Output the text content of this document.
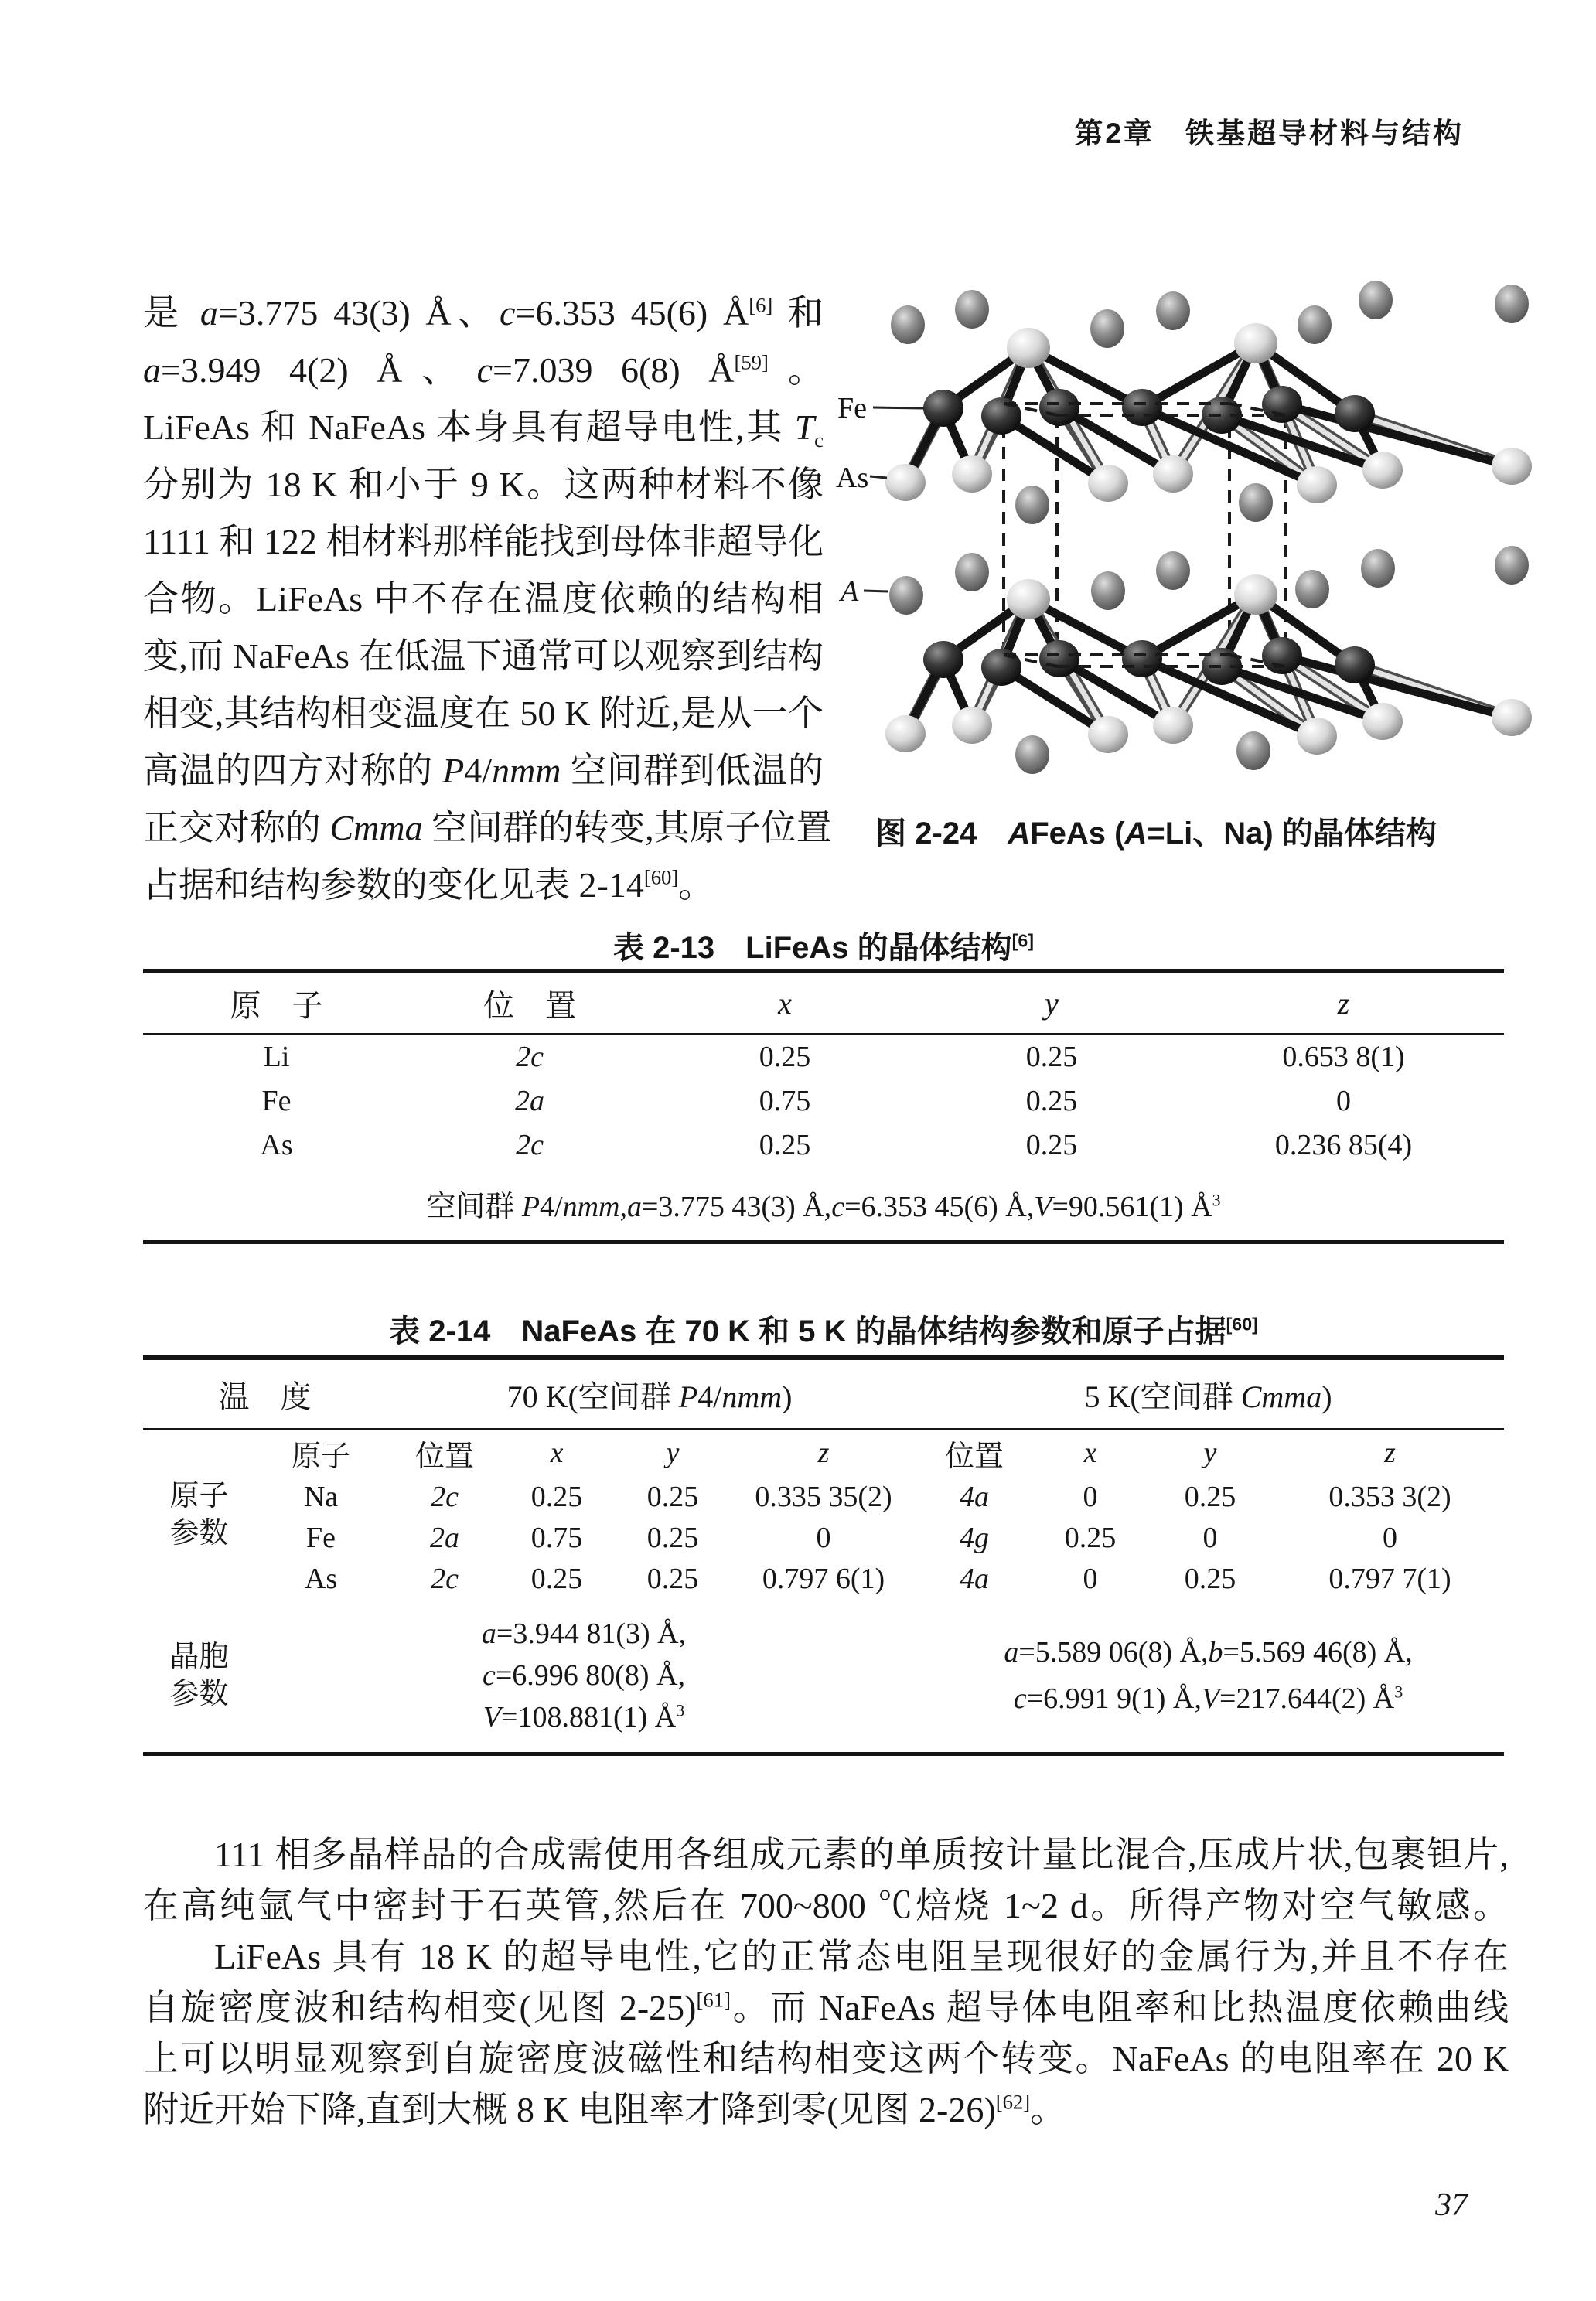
第2章　铁基超导材料与结构
是 a=3.775 43(3) Å、c=6.353 45(6) Å[6] 和
a=3.949 4(2) Å、c=7.039 6(8) Å[59]。
LiFeAs 和 NaFeAs 本身具有超导电性,其 $T_c$
分别为 18 K 和小于 9 K。这两种材料不像
1111 和 122 相材料那样能找到母体非超导化
合物。LiFeAs 中不存在温度依赖的结构相
变,而 NaFeAs 在低温下通常可以观察到结构
相变,其结构相变温度在 50 K 附近,是从一个
高温的四方对称的 P4/nmm 空间群到低温的
正交对称的 Cmma 空间群的转变,其原子位置
占据和结构参数的变化见表 2-14[60]。
Fe
As
A
图 2-24　AFeAs (A=Li、Na) 的晶体结构
表 2-13　LiFeAs 的晶体结构[6]
原　子	位　置	x	y	z
Li	2c	0.25	0.25	0.653 8(1)
Fe	2a	0.75	0.25	0
As	2c	0.25	0.25	0.236 85(4)
空间群 P4/nmm,a=3.775 43(3) Å,c=6.353 45(6) Å,V=90.561(1) $Å^3$
表 2-14　NaFeAs 在 70 K 和 5 K 的晶体结构参数和原子占据[60]
温　度		70 K(空间群 P4/nmm)				5 K(空间群 Cmma)			

原子
参数	原子	位置	x	y	z	位置	x	y	z
	Na	2c	0.25	0.25	0.335 35(2)	4a	0	0.25	0.353 3(2)
	Fe	2a	0.75	0.25	0	4g	0.25	0	0
	As	2c	0.25	0.25	0.797 6(1)	4a	0	0.25	0.797 7(1)

晶胞
参数

a=3.944 81(3) Å,
c=6.996 80(8) Å,
V=108.881(1) $Å^3$

a=5.589 06(8) Å,b=5.569 46(8) Å,
c=6.991 9(1) Å,V=217.644(2) $Å^3$
111 相多晶样品的合成需使用各组成元素的单质按计量比混合,压成片状,包裹钽片,
在高纯氩气中密封于石英管,然后在 700~800 ℃焙烧 1~2 d。所得产物对空气敏感。
LiFeAs 具有 18 K 的超导电性,它的正常态电阻呈现很好的金属行为,并且不存在
自旋密度波和结构相变(见图 2-25)[61]。而 NaFeAs 超导体电阻率和比热温度依赖曲线
上可以明显观察到自旋密度波磁性和结构相变这两个转变。NaFeAs 的电阻率在 20 K
附近开始下降,直到大概 8 K 电阻率才降到零(见图 2-26)[62]。
37
